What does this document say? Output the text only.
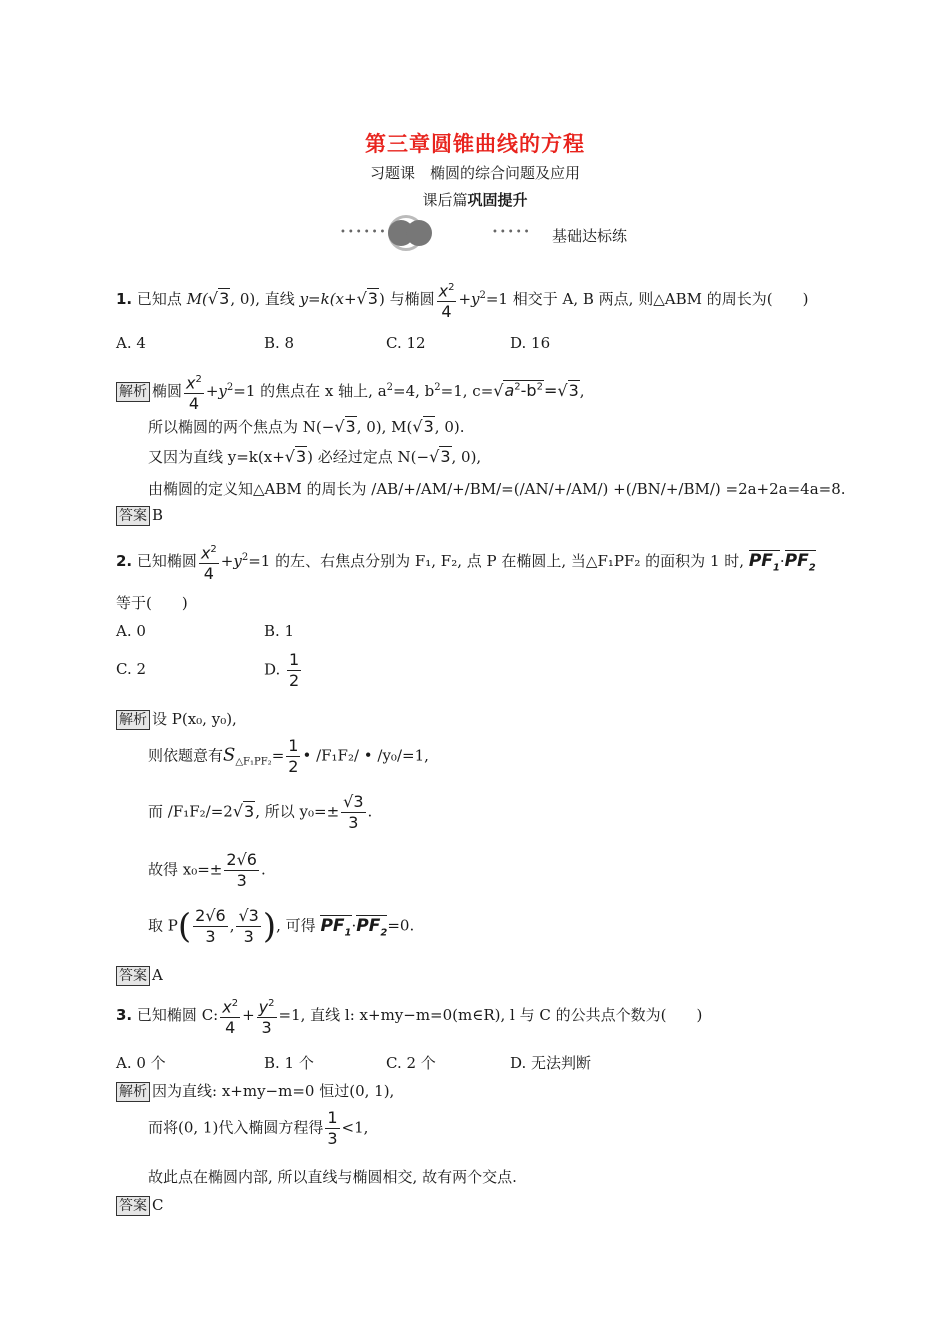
第三章圆锥曲线的方程
习题课　椭圆的综合问题及应用
课后篇巩固提升
••••••	••••• 基础达标练
1. 已知点 M(√3, 0), 直线 y=k(x+√3) 与椭圆 $\frac{x^2}{4} +y^2=1$ 相交于 A, B 两点, 则△ABM 的周长为(　　)
A. 4	B. 8	C. 12	D. 16
解析 椭圆 $\frac{x^2}{4} +y^2=1$ 的焦点在 x 轴上, $a^2=4$, $b^2=1$, $c=√a^2-b^2=√3$,
所以椭圆的两个焦点为 N(−√3, 0), M(√3, 0).
又因为直线 y=k(x+√3) 必经过定点 N(−√3, 0),
由椭圆的定义知△ABM 的周长为 /AB/+/AM/+/BM/=(/AN/+/AM/) +(/BN/+/BM/) =2a+2a=4a=8.
答案 B
2. 已知椭圆 $\frac{x^2}{4} +y^2=1$ 的左、右焦点分别为 F₁, F₂, 点 P 在椭圆上, 当△F₁PF₂ 的面积为 1 时, $PF_1\cdot PF_2$
等于(　　)
A. 0	B. 1
C. 2	D. $\frac{1}{2}$
解析 设 P(x₀, y₀),
则依题意有$S_{\triangle F_1PF_2}= \frac{1}{2}$ • /F₁F₂/ • /y₀/=1,
而 /F₁F₂/=2√3, 所以 $y_0=\pm \frac{√3}{3}$ .
故得 $x_0=\pm \frac{2√6}{3}$ .
取 $P( \frac{2√6}{3}$ , $\frac{√3}{3}$ ), 可得 $PF_1\cdot PF_2=0$.
答案 A
3. 已知椭圆 C: $\frac{x^2}{4} + \frac{y^2}{3} =1$, 直线 l: x+my−m=0(m∈R), l 与 C 的公共点个数为(　　)
A. 0 个	B. 1 个	C. 2 个	D. 无法判断
解析 因为直线: x+my−m=0 恒过(0, 1),
而将(0, 1)代入椭圆方程得 $\frac{1}{3} <1$,
故此点在椭圆内部, 所以直线与椭圆相交, 故有两个交点.
答案 C
